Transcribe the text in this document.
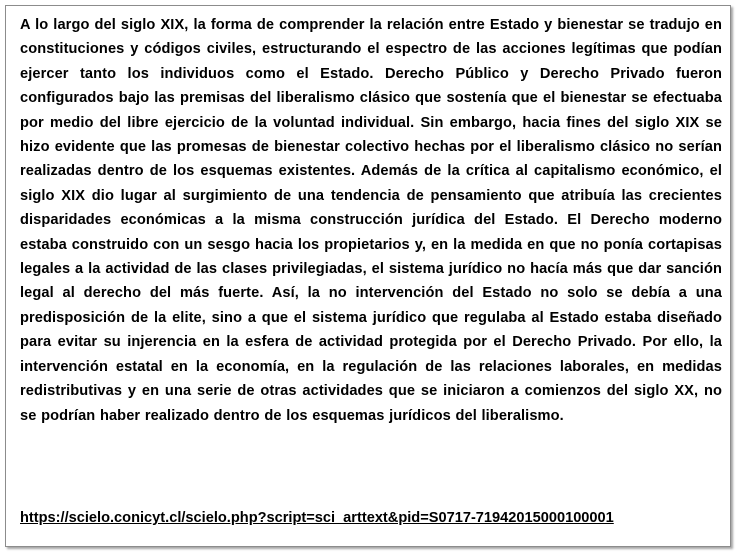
A lo largo del siglo XIX, la forma de comprender la relación entre Estado y bienestar se tradujo en constituciones y códigos civiles, estructurando el espectro de las acciones legítimas que podían ejercer tanto los individuos como el Estado. Derecho Público y Derecho Privado fueron configurados bajo las premisas del liberalismo clásico que sostenía que el bienestar se efectuaba por medio del libre ejercicio de la voluntad individual. Sin embargo, hacia fines del siglo XIX se hizo evidente que las promesas de bienestar colectivo hechas por el liberalismo clásico no serían realizadas dentro de los esquemas existentes. Además de la crítica al capitalismo económico, el siglo XIX dio lugar al surgimiento de una tendencia de pensamiento que atribuía las crecientes disparidades económicas a la misma construcción jurídica del Estado. El Derecho moderno estaba construido con un sesgo hacia los propietarios y, en la medida en que no ponía cortapisas legales a la actividad de las clases privilegiadas, el sistema jurídico no hacía más que dar sanción legal al derecho del más fuerte. Así, la no intervención del Estado no solo se debía a una predisposición de la elite, sino a que el sistema jurídico que regulaba al Estado estaba diseñado para evitar su injerencia en la esfera de actividad protegida por el Derecho Privado. Por ello, la intervención estatal en la economía, en la regulación de las relaciones laborales, en medidas redistributivas y en una serie de otras actividades que se iniciaron a comienzos del siglo XX, no se podrían haber realizado dentro de los esquemas jurídicos del liberalismo.

https://scielo.conicyt.cl/scielo.php?script=sci_arttext&pid=S0717-71942015000100001
